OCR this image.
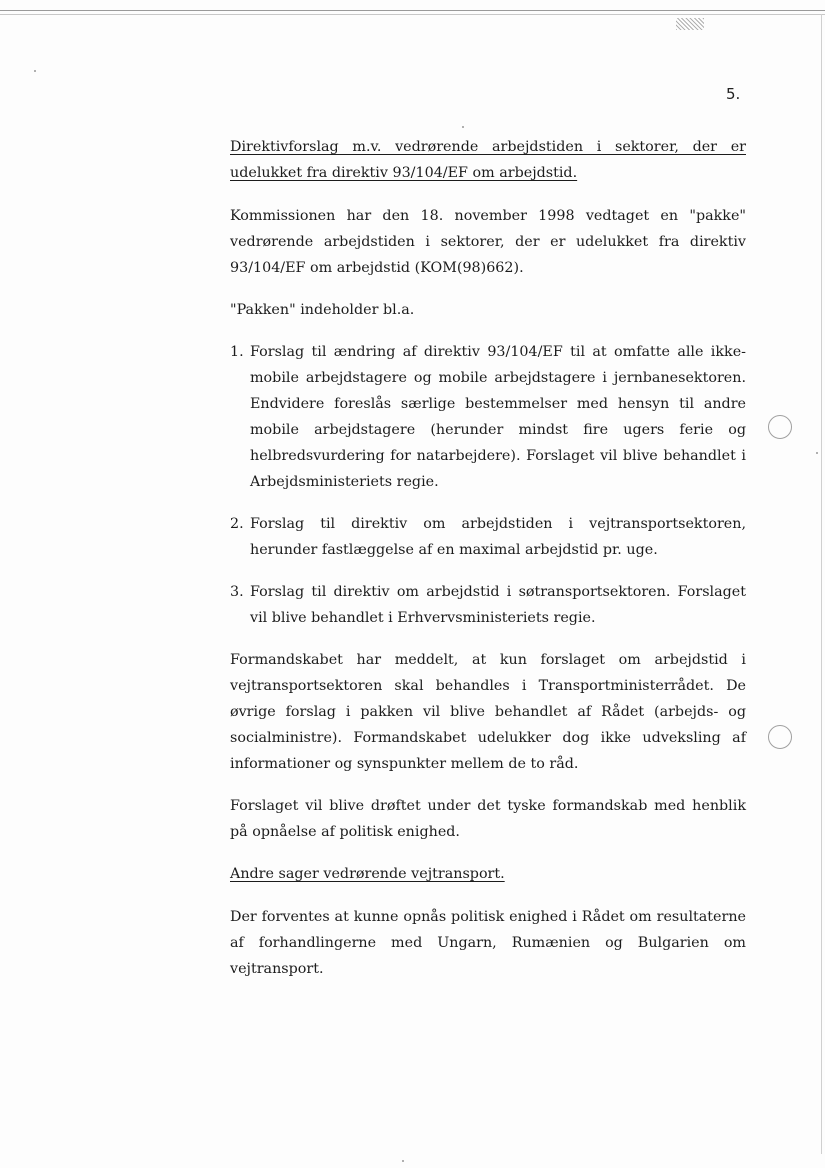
5.

Direktivforslag m.v. vedrørende arbejdstiden i sektorer, der er udelukket fra direktiv 93/104/EF om arbejdstid.

Kommissionen har den 18. november 1998 vedtaget en "pakke" vedrørende arbejdstiden i sektorer, der er udelukket fra direktiv 93/104/EF om arbejdstid (KOM(98)662).

"Pakken" indeholder bl.a.

1. Forslag til ændring af direktiv 93/104/EF til at omfatte alle ikke-mobile arbejdstagere og mobile arbejdstagere i jernbanesektoren. Endvidere foreslås særlige bestemmelser med hensyn til andre mobile arbejdstagere (herunder mindst fire ugers ferie og helbredsvurdering for natarbejdere). Forslaget vil blive behandlet i Arbejdsministeriets regie.
2. Forslag til direktiv om arbejdstiden i vejtransportsektoren, herunder fastlæggelse af en maximal arbejdstid pr. uge.
3. Forslag til direktiv om arbejdstid i søtransportsektoren. Forslaget vil blive behandlet i Erhvervsministeriets regie.

Formandskabet har meddelt, at kun forslaget om arbejdstid i vejtransportsektoren skal behandles i Transportministerrådet. De øvrige forslag i pakken vil blive behandlet af Rådet (arbejds- og socialministre). Formandskabet udelukker dog ikke udveksling af informationer og synspunkter mellem de to råd.

Forslaget vil blive drøftet under det tyske formandskab med henblik på opnåelse af politisk enighed.

Andre sager vedrørende vejtransport.

Der forventes at kunne opnås politisk enighed i Rådet om resultaterne af forhandlingerne med Ungarn, Rumænien og Bulgarien om vejtransport.
